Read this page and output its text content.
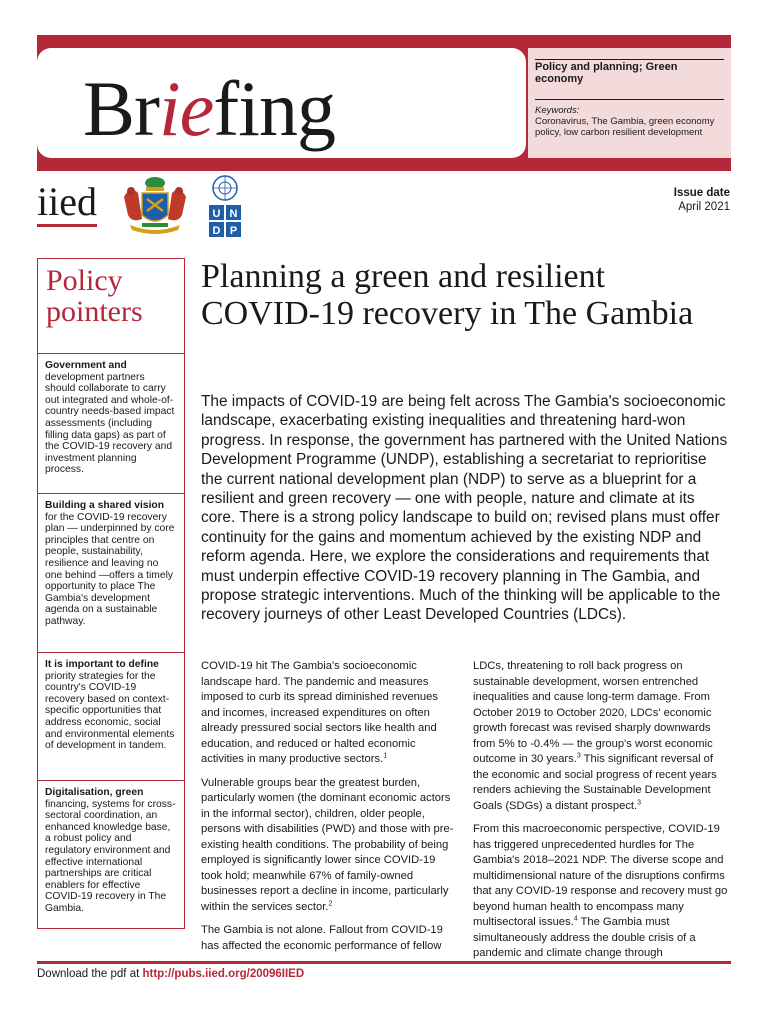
Briefing	Policy and planning; Green economy
Keywords:
Coronavirus, The Gambia, green economy policy, low carbon resilient development
iied	U N
D P
Issue date
April 2021
Policy
pointers
Government and
development partners should collaborate to carry out integrated and whole-of-country needs-based impact assessments (including filling data gaps) as part of the COVID-19 recovery and investment planning process.
Building a shared vision
for the COVID-19 recovery plan — underpinned by core principles that centre on people, sustainability, resilience and leaving no one behind —offers a timely opportunity to place The Gambia's development agenda on a sustainable pathway.
It is important to define
priority strategies for the country's COVID-19 recovery based on context-specific opportunities that address economic, social and environmental elements of development in tandem.
Digitalisation, green
financing, systems for cross-sectoral coordination, an enhanced knowledge base, a robust policy and regulatory environment and effective international partnerships are critical enablers for effective COVID-19 recovery in The Gambia.
Planning a green and resilient COVID-19 recovery in The Gambia

The impacts of COVID-19 are being felt across The Gambia's socioeconomic landscape, exacerbating existing inequalities and threatening hard-won progress. In response, the government has partnered with the United Nations Development Programme (UNDP), establishing a secretariat to reprioritise the current national development plan (NDP) to serve as a blueprint for a resilient and green recovery — one with people, nature and climate at its core. There is a strong policy landscape to build on; revised plans must offer continuity for the gains and momentum achieved by the existing NDP and reform agenda. Here, we explore the considerations and requirements that must underpin effective COVID-19 recovery planning in The Gambia, and propose strategic interventions. Much of the thinking will be applicable to the recovery journeys of other Least Developed Countries (LDCs).

COVID-19 hit The Gambia's socioeconomic landscape hard. The pandemic and measures imposed to curb its spread diminished revenues and incomes, increased expenditures on often already pressured social sectors like health and education, and reduced or halted economic activities in many productive sectors.$^1$

Vulnerable groups bear the greatest burden, particularly women (the dominant economic actors in the informal sector), children, older people, persons with disabilities (PWD) and those with pre-existing health conditions. The probability of being employed is significantly lower since COVID-19 took hold; meanwhile 67% of family-owned businesses report a decline in income, particularly within the services sector.$^2$

The Gambia is not alone. Fallout from COVID-19 has affected the economic performance of fellow

LDCs, threatening to roll back progress on sustainable development, worsen entrenched inequalities and cause long-term damage. From October 2019 to October 2020, LDCs' economic growth forecast was revised sharply downwards from 5% to -0.4% — the group's worst economic outcome in 30 years.$^3$ This significant reversal of the economic and social progress of recent years renders achieving the Sustainable Development Goals (SDGs) a distant prospect.$^3$

From this macroeconomic perspective, COVID-19 has triggered unprecedented hurdles for The Gambia's 2018–2021 NDP. The diverse scope and multidimensional nature of the disruptions confirms that any COVID-19 response and recovery must go beyond human health to encompass many multisectoral issues.$^4$ The Gambia must simultaneously address the double crisis of a pandemic and climate change through

Download the pdf at http://pubs.iied.org/20096IIED
